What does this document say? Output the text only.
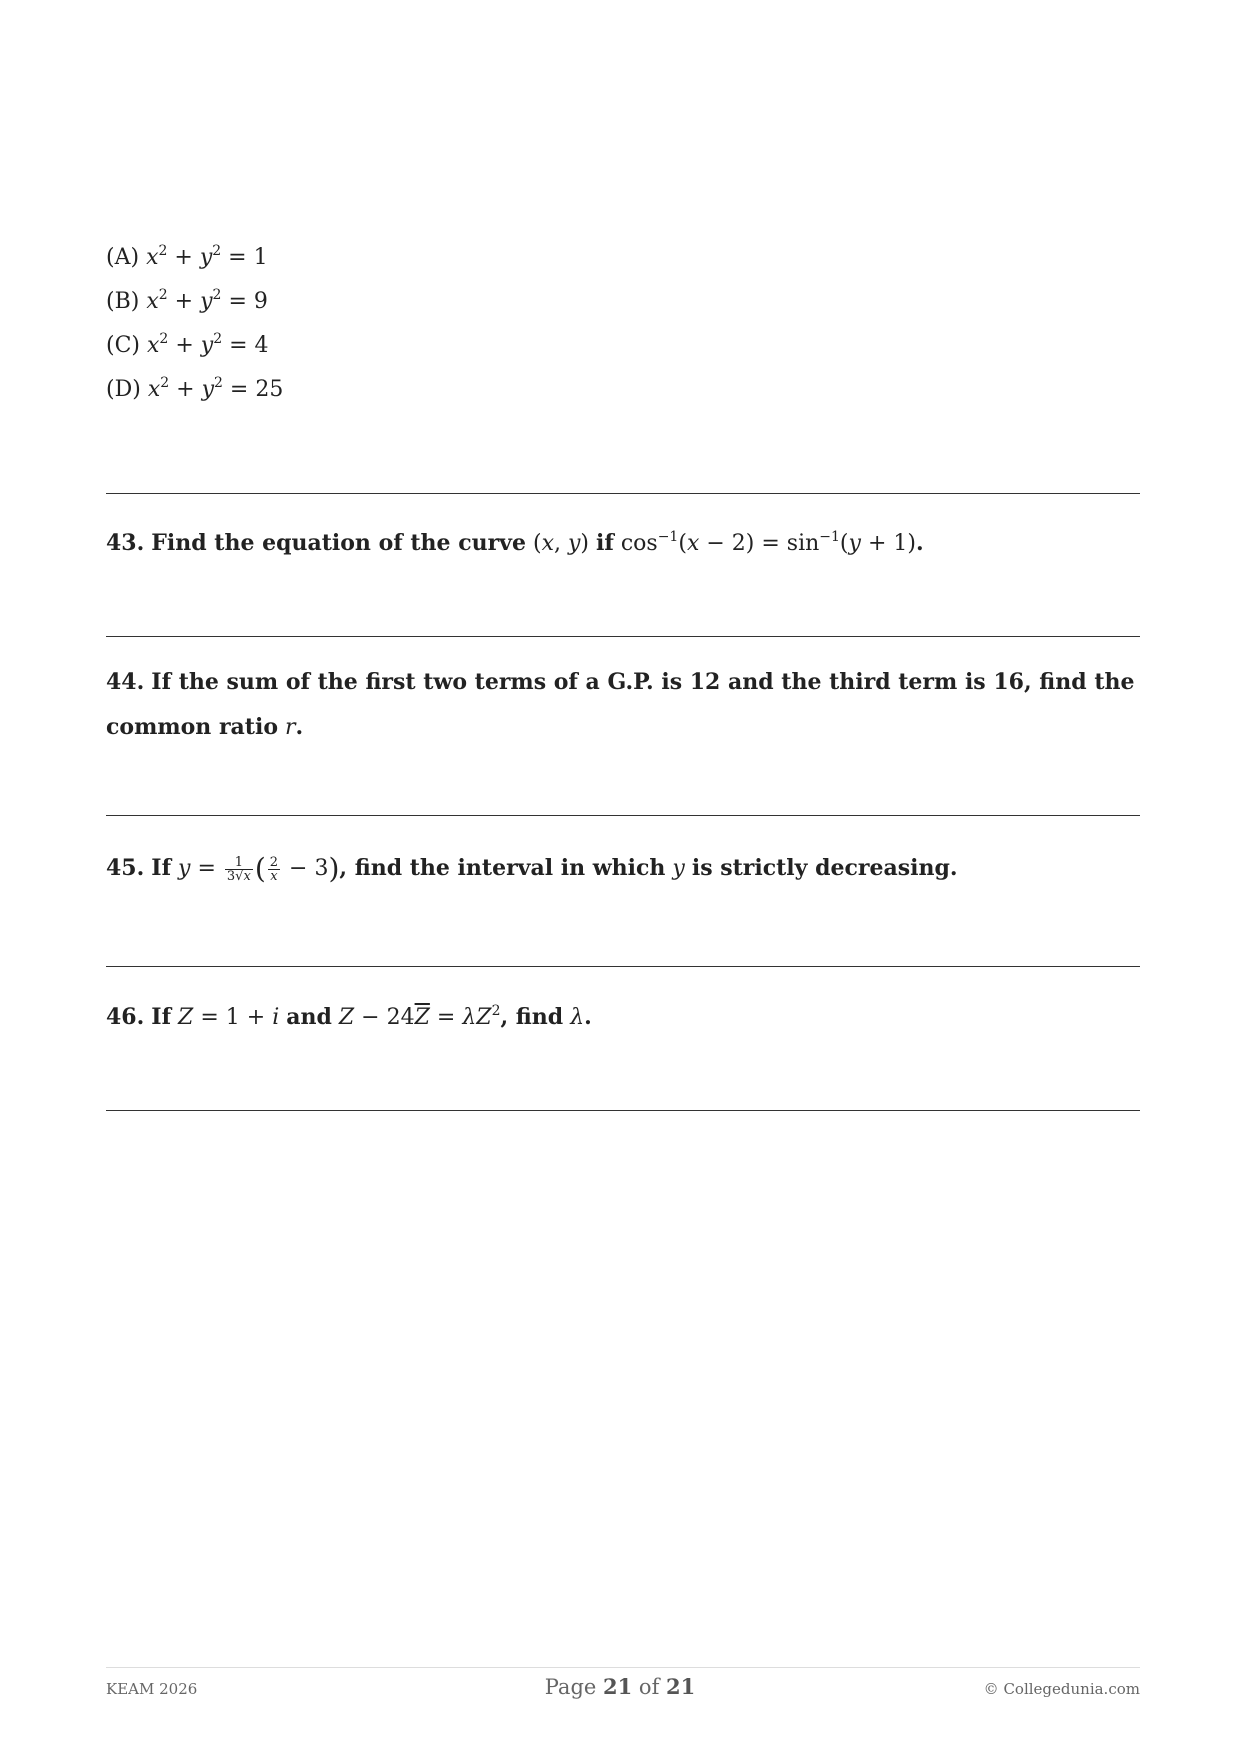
(A) $x^2 + y^2 = 1$
(B) $x^2 + y^2 = 9$
(C) $x^2 + y^2 = 4$
(D) $x^2 + y^2 = 25$
43. Find the equation of the curve (x, y) if $\cos^{-1}(x - 2) = \sin^{-1}(y + 1)$.
44. If the sum of the first two terms of a G.P. is 12 and the third term is 16, find the common ratio r.
45. If $y = \frac{1}{3√x}$ ( $\frac{2}{x} - 3$), find the interval in which y is strictly decreasing.
46. If Z = 1 + i and $Z - 24\overline{Z} = \lambda Z^2$, find λ.
KEAM 2026	Page 21 of 21	© Collegedunia.com
